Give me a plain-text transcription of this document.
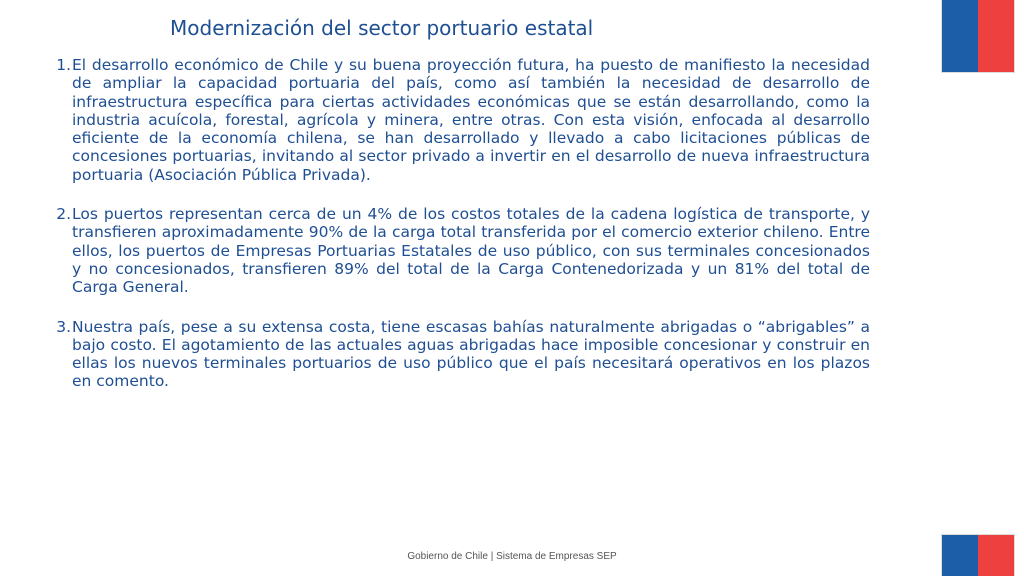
Modernización del sector portuario estatal
1. El desarrollo económico de Chile y su buena proyección futura, ha puesto de manifiesto la necesidad de ampliar la capacidad portuaria del país, como así también la necesidad de desarrollo de infraestructura específica para ciertas actividades económicas que se están desarrollando, como la industria acuícola, forestal, agrícola y minera, entre otras. Con esta visión, enfocada al desarrollo eficiente de la economía chilena, se han desarrollado y llevado a cabo licitaciones públicas de concesiones portuarias, invitando al sector privado a invertir en el desarrollo de nueva infraestructura portuaria (Asociación Pública Privada).
2. Los puertos representan cerca de un 4% de los costos totales de la cadena logística de transporte, y transfieren aproximadamente 90% de la carga total transferida por el comercio exterior chileno. Entre ellos, los puertos de Empresas Portuarias Estatales de uso público, con sus terminales concesionados y no concesionados, transfieren 89% del total de la Carga Contenedorizada y un 81% del total de Carga General.
3. Nuestra país, pese a su extensa costa, tiene escasas bahías naturalmente abrigadas o “abrigables” a bajo costo. El agotamiento de las actuales aguas abrigadas hace imposible concesionar y construir en ellas los nuevos terminales portuarios de uso público que el país necesitará operativos en los plazos en comento.
Gobierno de Chile | Sistema de Empresas SEP
